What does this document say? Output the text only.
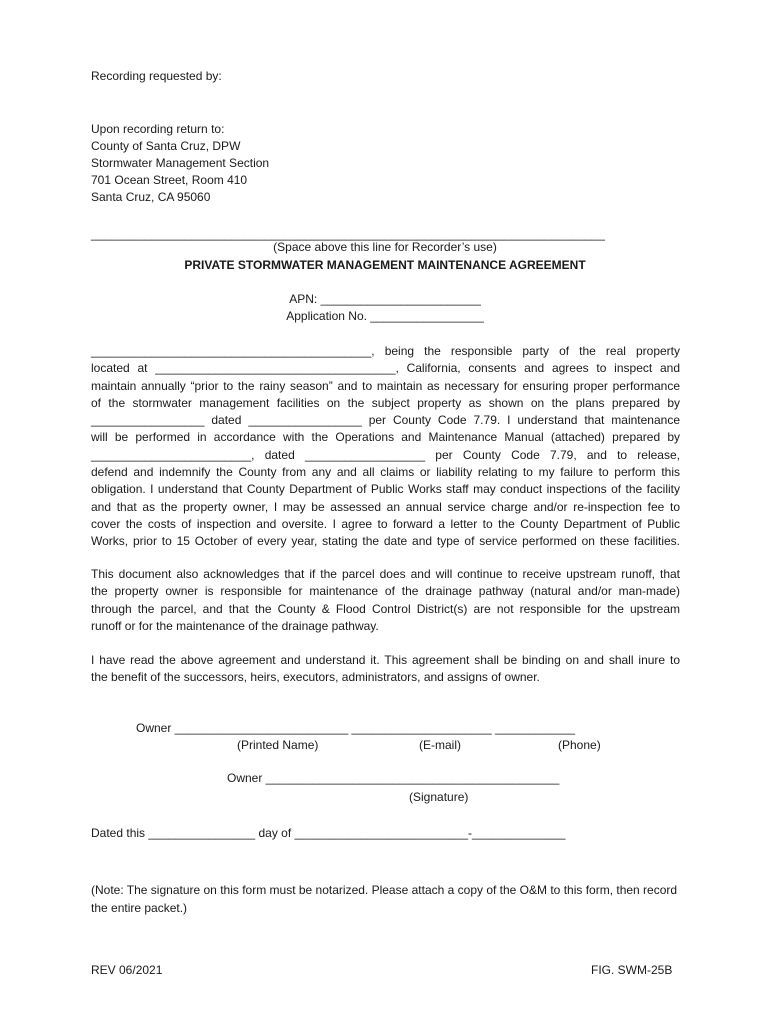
Recording requested by:
Upon recording return to:
County of Santa Cruz, DPW
Stormwater Management Section
701 Ocean Street, Room 410
Santa Cruz, CA 95060
_____________________________________________________________________________
(Space above this line for Recorder’s use)
PRIVATE STORMWATER MANAGEMENT MAINTENANCE AGREEMENT
APN: ________________________
Application No. _________________
__________________________________________, being the responsible party of the real property
located at ____________________________________, California, consents and agrees to inspect and
maintain annually “prior to the rainy season” and to maintain as necessary for ensuring proper performance
of the stormwater management facilities on the subject property as shown on the plans prepared by
_________________ dated _________________ per County Code 7.79. I understand that maintenance
will be performed in accordance with the Operations and Maintenance Manual (attached) prepared by
________________________, dated __________________ per County Code 7.79, and to release,
defend and indemnify the County from any and all claims or liability relating to my failure to perform this
obligation. I understand that County Department of Public Works staff may conduct inspections of the facility
and that as the property owner, I may be assessed an annual service charge and/or re-inspection fee to
cover the costs of inspection and oversite. I agree to forward a letter to the County Department of Public
Works, prior to 15 October of every year, stating the date and type of service performed on these facilities.
This document also acknowledges that if the parcel does and will continue to receive upstream runoff, that
the property owner is responsible for maintenance of the drainage pathway (natural and/or man-made)
through the parcel, and that the County & Flood Control District(s) are not responsible for the upstream
runoff or for the maintenance of the drainage pathway.
I have read the above agreement and understand it. This agreement shall be binding on and shall inure to
the benefit of the successors, heirs, executors, administrators, and assigns of owner.
Owner __________________________ _____________________ ____________
(Printed Name)	(E-mail)	(Phone)
Owner ____________________________________________
(Signature)
Dated this ________________ day of __________________________-______________
(Note: The signature on this form must be notarized. Please attach a copy of the O&M to this form, then record the entire packet.)
REV 06/2021	FIG. SWM-25B
